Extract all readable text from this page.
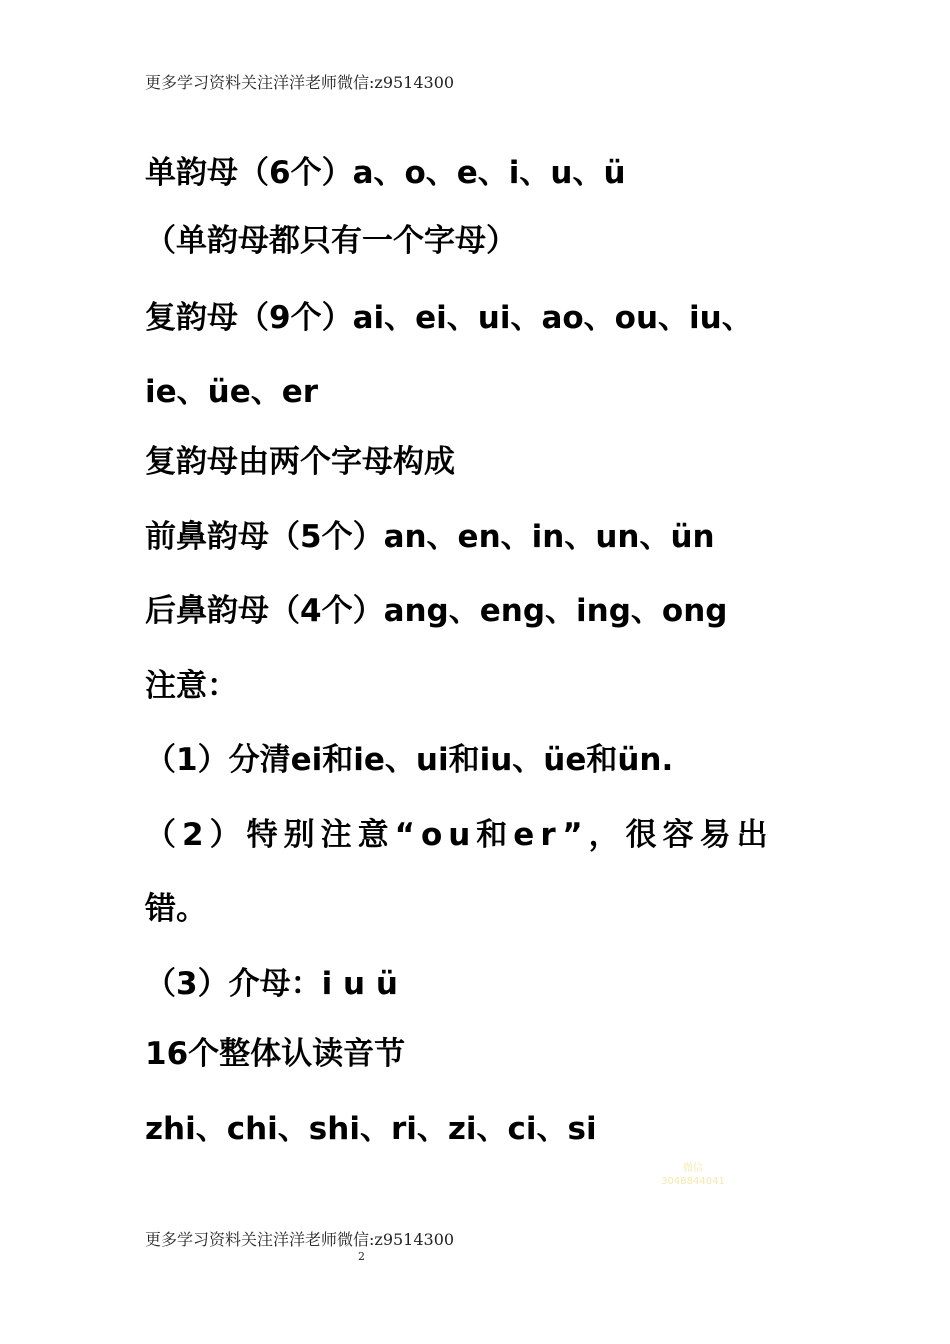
更多学习资料关注洋洋老师微信:z9514300
单韵母（6个）a、o、e、i、u、ü
（单韵母都只有一个字母）
复韵母（9个）ai、ei、ui、ao、ou、iu、
ie、üe、er
复韵母由两个字母构成
前鼻韵母（5个）an、en、in、un、ün
后鼻韵母（4个）ang、eng、ing、ong
注意：
（1）分清ei和ie、ui和iu、üe和ün.
（2）特别注意“ou和er”，很容易出
错。
（3）介母：i u ü
16个整体认读音节
zhi、chi、shi、ri、zi、ci、si
微信
3048844041
更多学习资料关注洋洋老师微信:z9514300
2
